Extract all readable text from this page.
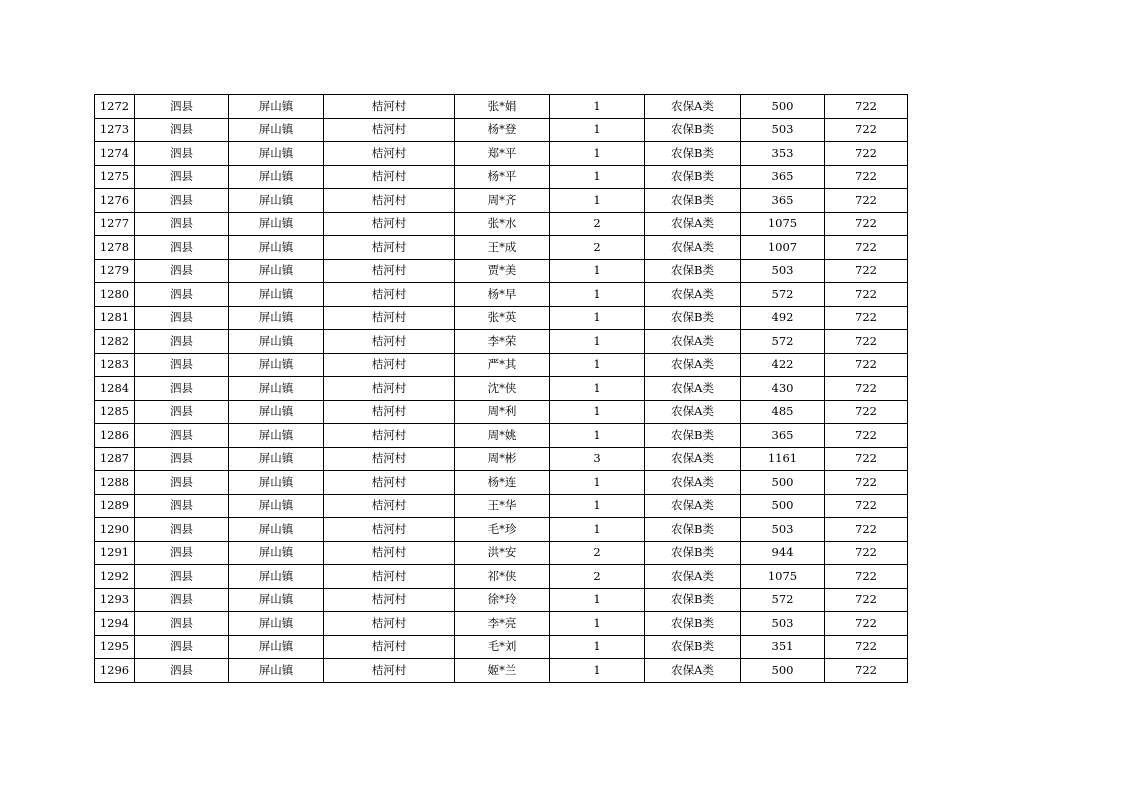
1272	泗县	屏山镇	桔河村	张*娟	1	农保A类	500	722
1273	泗县	屏山镇	桔河村	杨*登	1	农保B类	503	722
1274	泗县	屏山镇	桔河村	郑*平	1	农保B类	353	722
1275	泗县	屏山镇	桔河村	杨*平	1	农保B类	365	722
1276	泗县	屏山镇	桔河村	周*齐	1	农保B类	365	722
1277	泗县	屏山镇	桔河村	张*水	2	农保A类	1075	722
1278	泗县	屏山镇	桔河村	王*成	2	农保A类	1007	722
1279	泗县	屏山镇	桔河村	贾*美	1	农保B类	503	722
1280	泗县	屏山镇	桔河村	杨*早	1	农保A类	572	722
1281	泗县	屏山镇	桔河村	张*英	1	农保B类	492	722
1282	泗县	屏山镇	桔河村	李*荣	1	农保A类	572	722
1283	泗县	屏山镇	桔河村	严*其	1	农保A类	422	722
1284	泗县	屏山镇	桔河村	沈*侠	1	农保A类	430	722
1285	泗县	屏山镇	桔河村	周*利	1	农保A类	485	722
1286	泗县	屏山镇	桔河村	周*姚	1	农保B类	365	722
1287	泗县	屏山镇	桔河村	周*彬	3	农保A类	1161	722
1288	泗县	屏山镇	桔河村	杨*连	1	农保A类	500	722
1289	泗县	屏山镇	桔河村	王*华	1	农保A类	500	722
1290	泗县	屏山镇	桔河村	毛*珍	1	农保B类	503	722
1291	泗县	屏山镇	桔河村	洪*安	2	农保B类	944	722
1292	泗县	屏山镇	桔河村	祁*侠	2	农保A类	1075	722
1293	泗县	屏山镇	桔河村	徐*玲	1	农保B类	572	722
1294	泗县	屏山镇	桔河村	李*亮	1	农保B类	503	722
1295	泗县	屏山镇	桔河村	毛*刘	1	农保B类	351	722
1296	泗县	屏山镇	桔河村	姬*兰	1	农保A类	500	722
